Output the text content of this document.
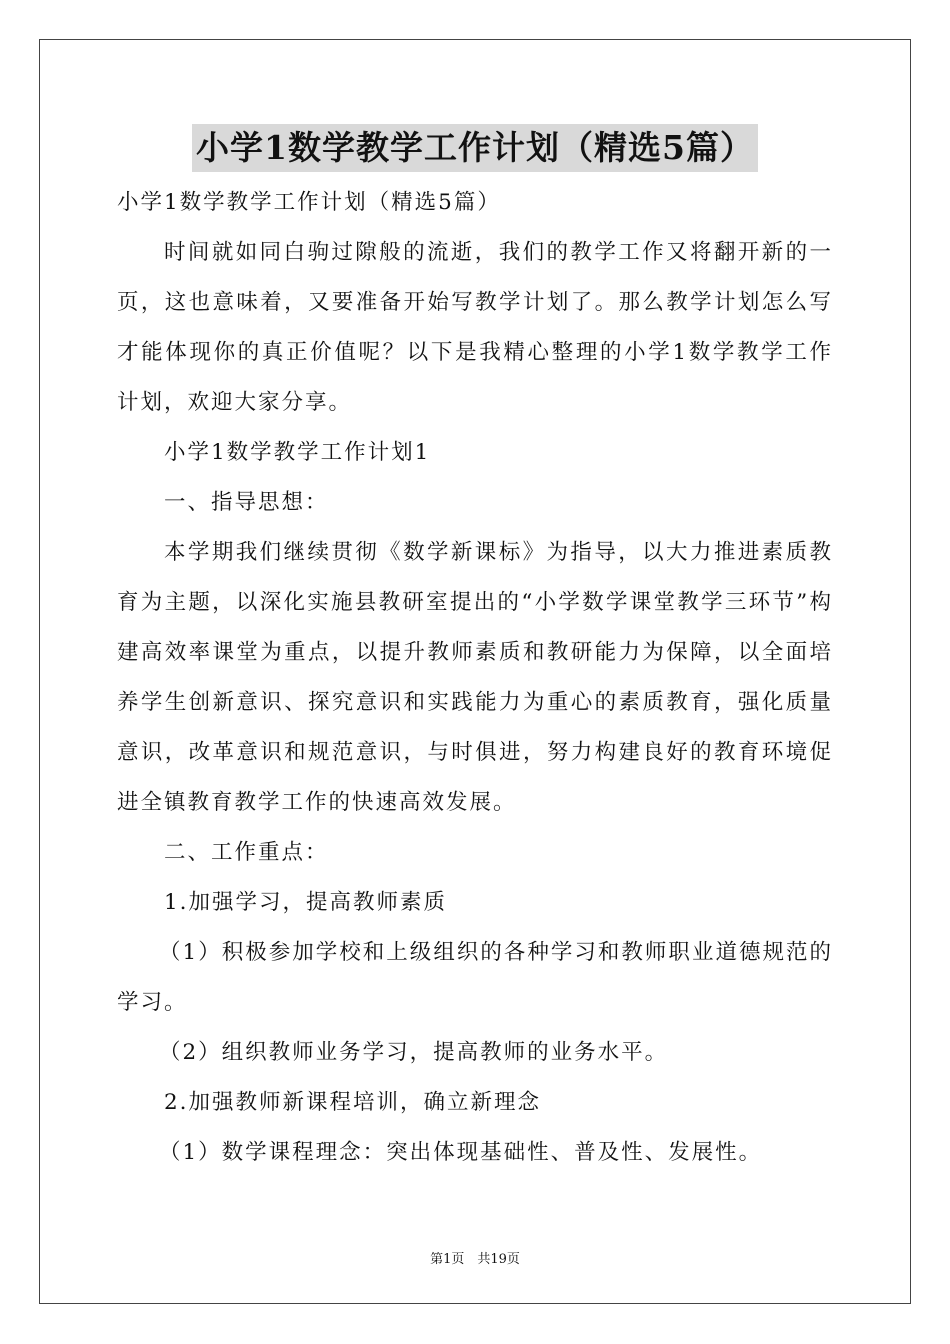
小学1数学教学工作计划（精选5篇）

小学1数学教学工作计划（精选5篇）

时间就如同白驹过隙般的流逝，我们的教学工作又将翻开新的一页，这也意味着，又要准备开始写教学计划了。那么教学计划怎么写才能体现你的真正价值呢？以下是我精心整理的小学1数学教学工作计划，欢迎大家分享。

小学1数学教学工作计划1

一、指导思想：

本学期我们继续贯彻《数学新课标》为指导，以大力推进素质教育为主题，以深化实施县教研室提出的“小学数学课堂教学三环节”构建高效率课堂为重点，以提升教师素质和教研能力为保障，以全面培养学生创新意识、探究意识和实践能力为重心的素质教育，强化质量意识，改革意识和规范意识，与时俱进，努力构建良好的教育环境促进全镇教育教学工作的快速高效发展。

二、工作重点：

1.加强学习，提高教师素质

（1）积极参加学校和上级组织的各种学习和教师职业道德规范的学习。

（2）组织教师业务学习，提高教师的业务水平。

2.加强教师新课程培训，确立新理念

（1）数学课程理念：突出体现基础性、普及性、发展性。

第1页　共19页
